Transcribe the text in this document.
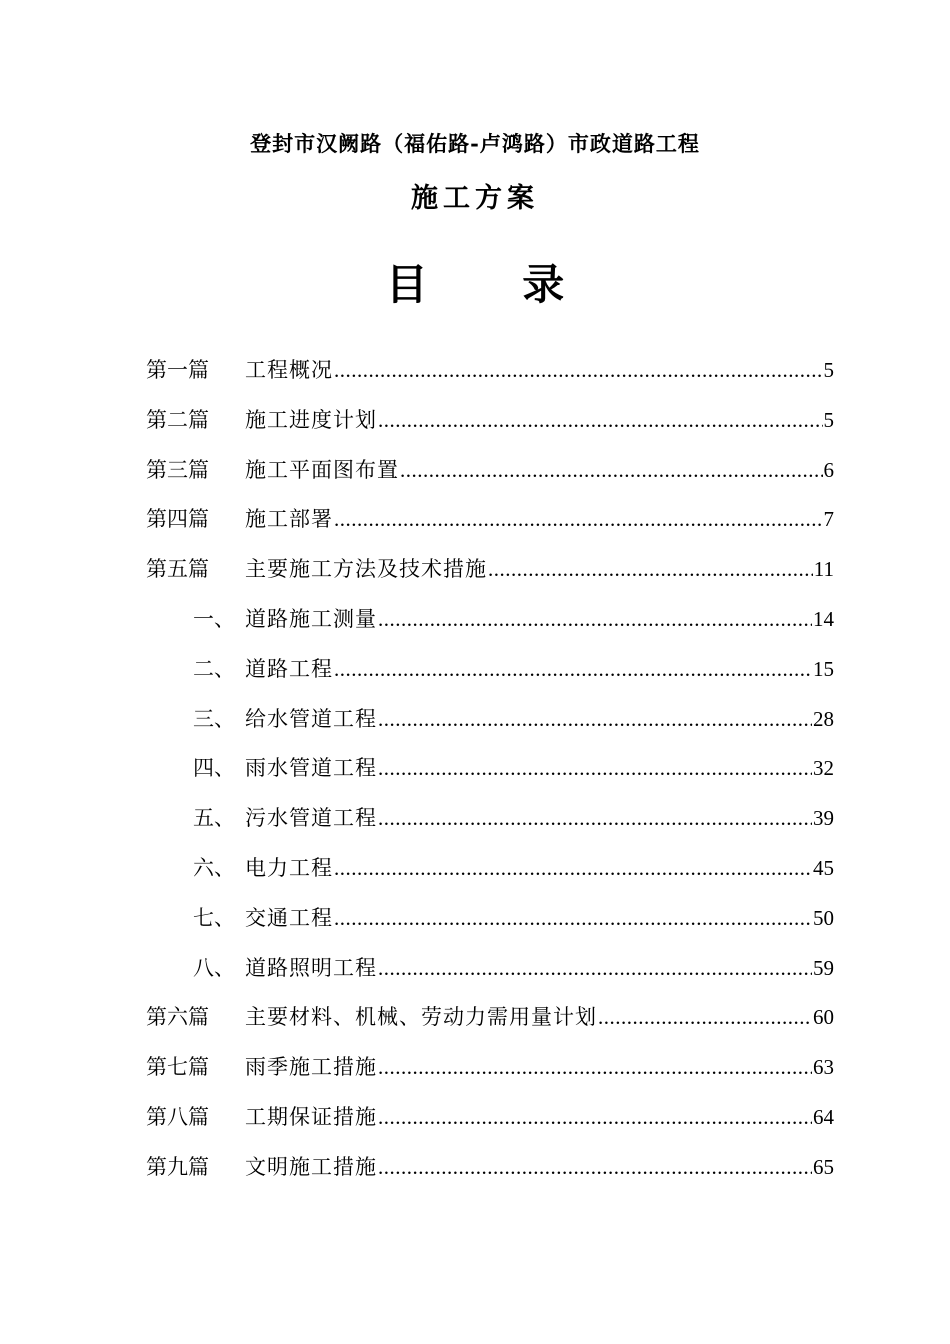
登封市汉阙路（福佑路-卢鸿路）市政道路工程
施工方案
目 录
第一篇	工程概况 .....	5
第二篇	施工进度计划 .....	5
第三篇	施工平面图布置 .....	6
第四篇	施工部署 .....	7
第五篇	主要施工方法及技术措施 .....	11
一、 道路施工测量 .....	14
二、 道路工程 .....	15
三、 给水管道工程 .....	28
四、 雨水管道工程 .....	32
五、 污水管道工程 .....	39
六、 电力工程 .....	45
七、 交通工程 .....	50
八、 道路照明工程 .....	59
第六篇	主要材料、机械、劳动力需用量计划 .....	60
第七篇	雨季施工措施 .....	63
第八篇	工期保证措施 .....	64
第九篇	文明施工措施 .....	65
